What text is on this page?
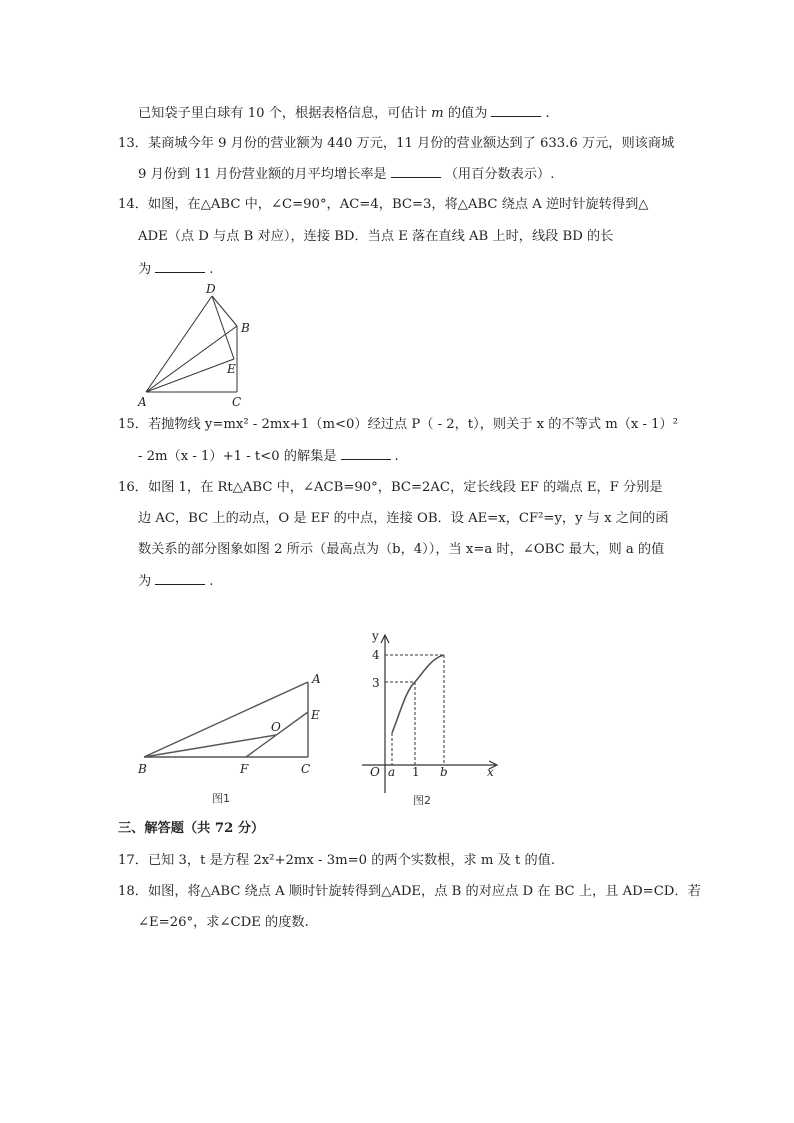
已知袋子里白球有 10 个，根据表格信息，可估计 m 的值为	.
13．某商城今年 9 月份的营业额为 440 万元，11 月份的营业额达到了 633.6 万元，则该商城
9 月份到 11 月份营业额的月平均增长率是	（用百分数表示）.
14．如图，在△ABC 中，∠C=90°，AC=4，BC=3，将△ABC 绕点 A 逆时针旋转得到△
ADE（点 D 与点 B 对应），连接 BD．当点 E 落在直线 AB 上时，线段 BD 的长
为	.
D
B
E
A	C
15．若抛物线 y=mx² - 2mx+1（m<0）经过点 P（ - 2，t），则关于 x 的不等式 m（x - 1）²
- 2m（x - 1）+1 - t<0 的解集是	.
16．如图 1，在 Rt△ABC 中，∠ACB=90°，BC=2AC，定长线段 EF 的端点 E，F 分别是
边 AC，BC 上的动点，O 是 EF 的中点，连接 OB．设 AE=x，CF²=y，y 与 x 之间的函
数关系的部分图象如图 2 所示（最高点为（b，4）），当 x=a 时，∠OBC 最大，则 a 的值
为	.
A
E
O
B	F	C
图1
y
4
3
O a 1 b	x
图2
三、解答题（共 72 分）
17．已知 3，t 是方程 2x²+2mx - 3m=0 的两个实数根，求 m 及 t 的值.
18．如图，将△ABC 绕点 A 顺时针旋转得到△ADE，点 B 的对应点 D 在 BC 上，且 AD=CD．若
∠E=26°，求∠CDE 的度数.
